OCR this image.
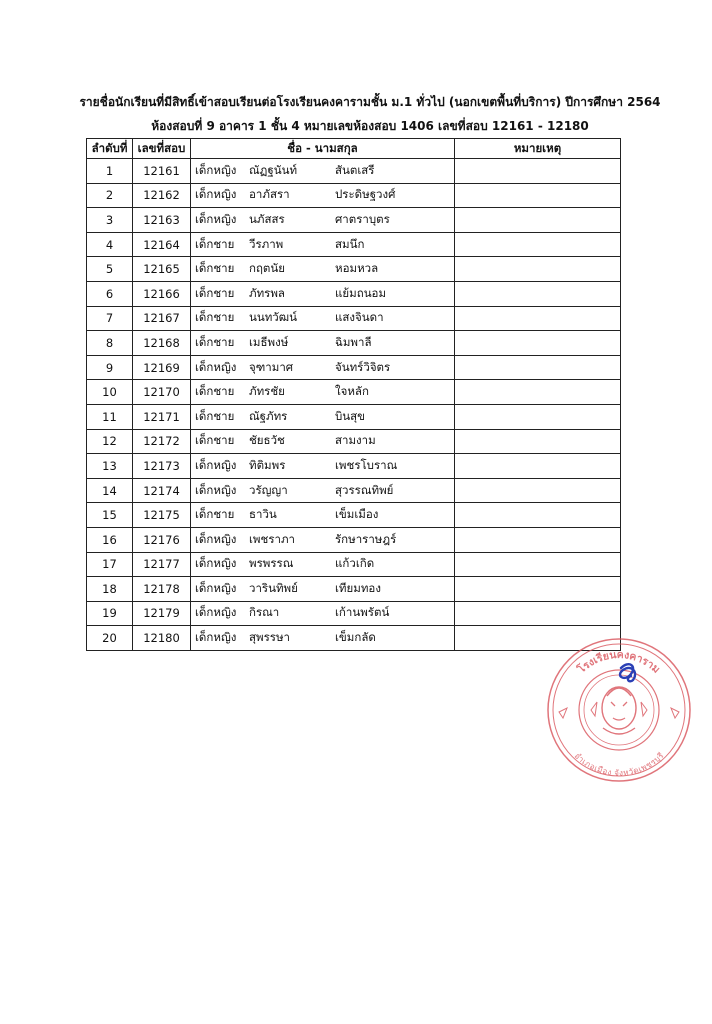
รายชื่อนักเรียนที่มีสิทธิ์เข้าสอบเรียนต่อโรงเรียนคงคารามชั้น ม.1 ทั่วไป (นอกเขตพื้นที่บริการ) ปีการศึกษา 2564
ห้องสอบที่ 9 อาคาร 1 ชั้น 4 หมายเลขห้องสอบ 1406 เลขที่สอบ 12161 - 12180
ลำดับที่	เลขที่สอบ	ชื่อ - นามสกุล	หมายเหตุ
1	12161	เด็กหญิง ณัฏฐนันท์ สันตเสรี	
2	12162	เด็กหญิง อาภัสรา ประดิษฐวงศ์	
3	12163	เด็กหญิง นภัสสร ศาตราบุตร	
4	12164	เด็กชาย วีรภาพ สมนึก	
5	12165	เด็กชาย กฤตนัย หอมหวล	
6	12166	เด็กชาย ภัทรพล แย้มถนอม	
7	12167	เด็กชาย นนทวัฒน์ แสงจินดา	
8	12168	เด็กชาย เมธีพงษ์ ฉิมพาลี	
9	12169	เด็กหญิง จุฑามาศ จันทร์วิจิตร	
10	12170	เด็กชาย ภัทรชัย ใจหลัก	
11	12171	เด็กชาย ณัฐภัทร บินสุข	
12	12172	เด็กชาย ชัยธวัช สามงาม	
13	12173	เด็กหญิง ทิติมพร เพชรโบราณ	
14	12174	เด็กหญิง วรัญญา สุวรรณทิพย์	
15	12175	เด็กชาย ธาวิน เข็มเมือง	
16	12176	เด็กหญิง เพชราภา รักษาราษฎร์	
17	12177	เด็กหญิง พรพรรณ แก้วเกิด	
18	12178	เด็กหญิง วารินทิพย์ เทียมทอง	
19	12179	เด็กหญิง กิรณา เก้านพรัตน์	
20	12180	เด็กหญิง สุพรรษา เข็มกลัด	
โรงเรียนคงคาราม
อำเภอเมือง จังหวัดเพชรบุรี
